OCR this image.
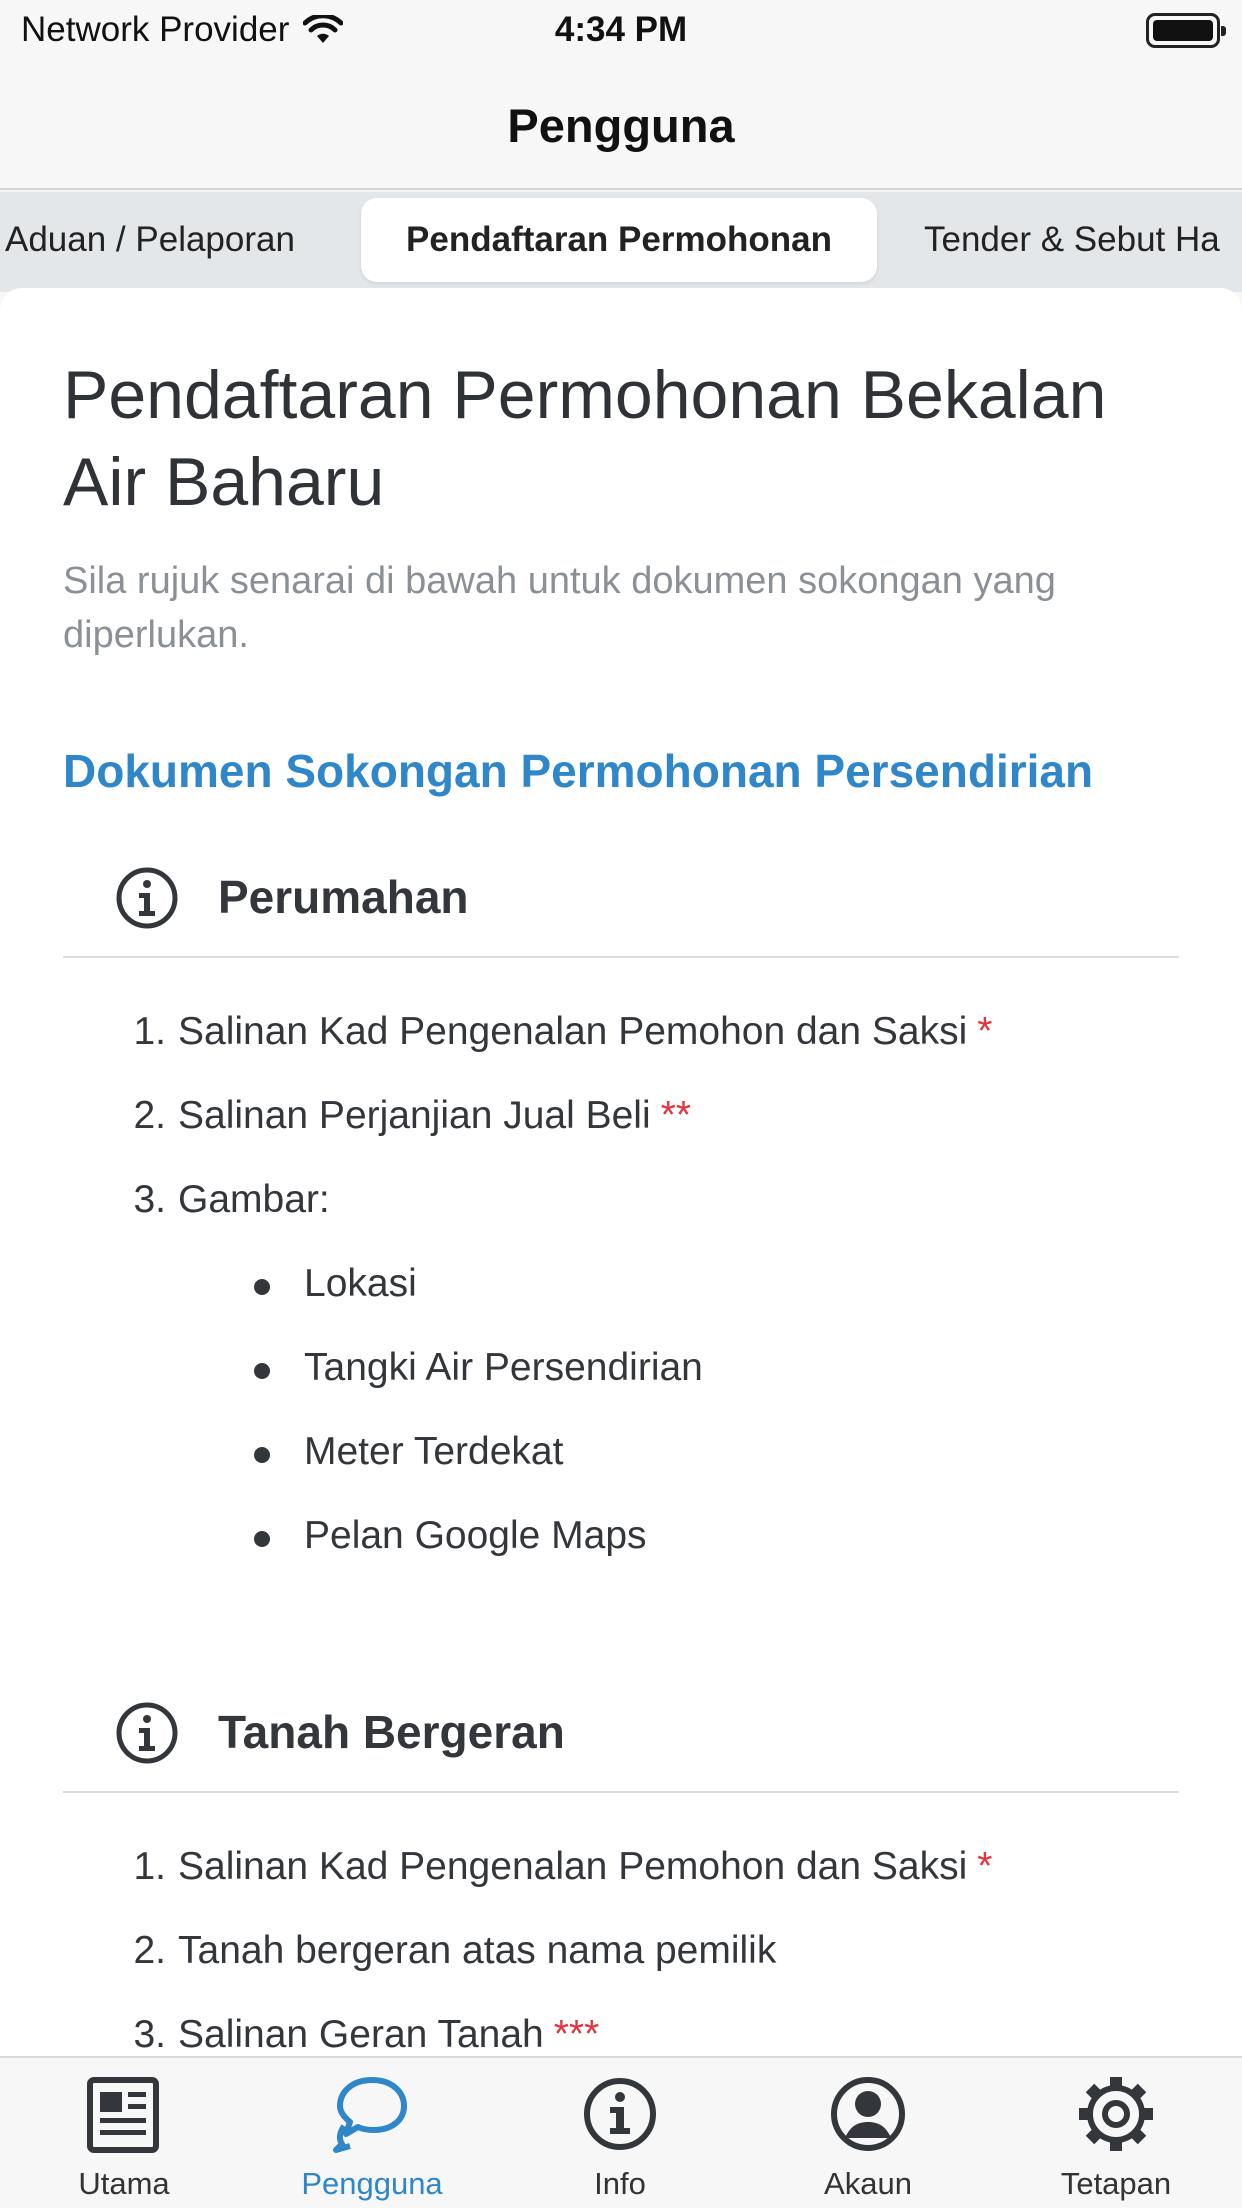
Network Provider	4:34 PM
Pengguna
Aduan / Pelaporan	Pendaftaran Permohonan	Tender & Sebut Ha
Pendaftaran Permohonan Bekalan Air Baharu
Sila rujuk senarai di bawah untuk dokumen sokongan yang diperlukan.
Dokumen Sokongan Permohonan Persendirian
Perumahan
1. Salinan Kad Pengenalan Pemohon dan Saksi *
2. Salinan Perjanjian Jual Beli **
3. Gambar:
Lokasi
Tangki Air Persendirian
Meter Terdekat
Pelan Google Maps
Tanah Bergeran
1. Salinan Kad Pengenalan Pemohon dan Saksi *
2. Tanah bergeran atas nama pemilik
3. Salinan Geran Tanah ***
Utama	Pengguna	Info	Akaun	Tetapan
